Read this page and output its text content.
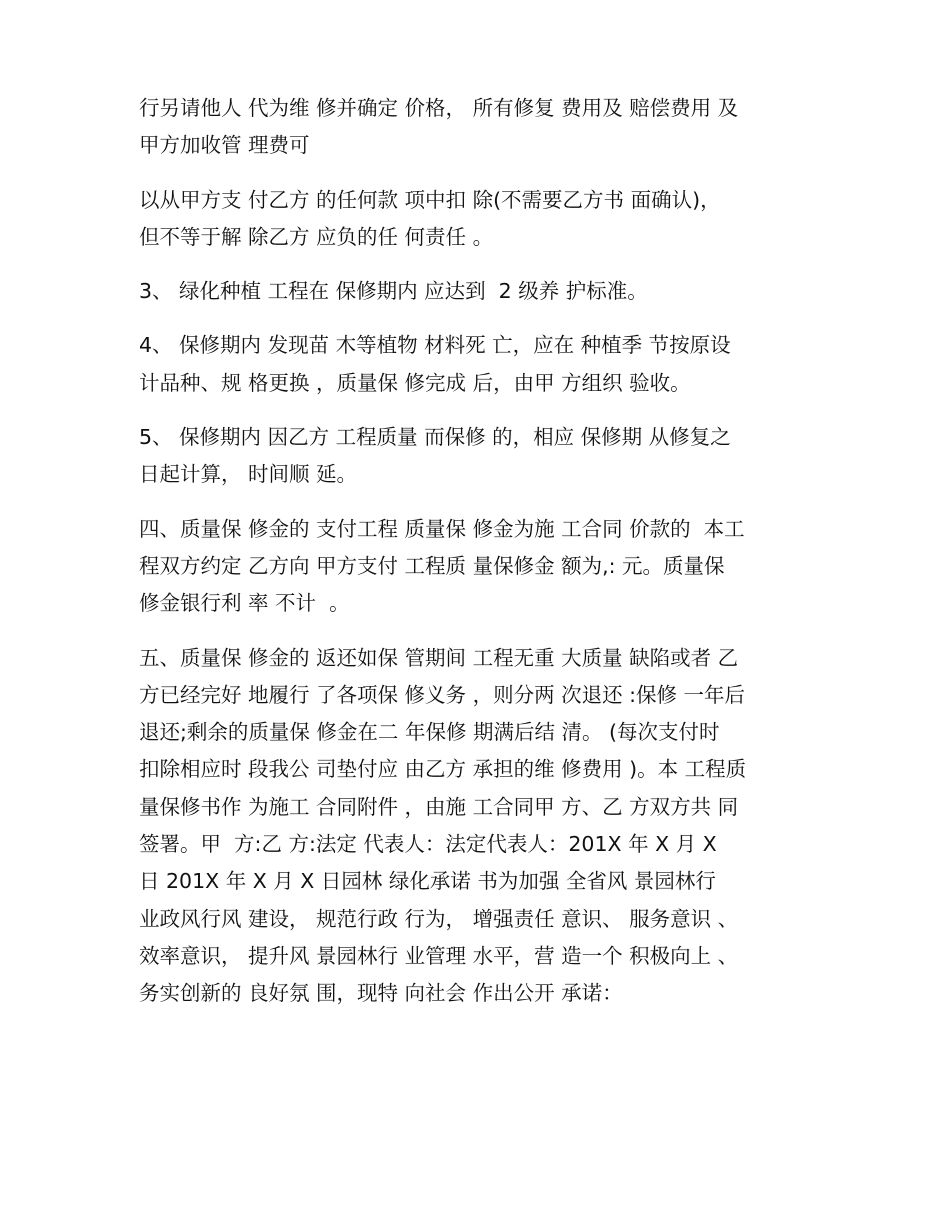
行另请他人 代为维 修并确定 价格， 所有修复 费用及 赔偿费用 及
甲方加收管 理费可

以从甲方支 付乙方 的任何款 项中扣 除(不需要乙方书 面确认)，
但不等于解 除乙方 应负的任 何责任 。

3、 绿化种植 工程在 保修期内 应达到  2 级养 护标准。

4、 保修期内 发现苗 木等植物 材料死 亡，应在 种植季 节按原设
计品种、规 格更换 ，质量保 修完成 后，由甲 方组织 验收。

5、 保修期内 因乙方 工程质量 而保修 的，相应 保修期 从修复之
日起计算， 时间顺 延。

四、质量保 修金的 支付工程 质量保 修金为施 工合同 价款的  本工
程双方约定 乙方向 甲方支付 工程质 量保修金 额为,: 元。质量保
修金银行利 率 不计  。

五、质量保 修金的 返还如保 管期间 工程无重 大质量 缺陷或者 乙
方已经完好 地履行 了各项保 修义务 ，则分两 次退还 :保修 一年后
退还;剩余的质量保 修金在二 年保修 期满后结 清。 (每次支付时
扣除相应时 段我公 司垫付应 由乙方 承担的维 修费用 )。本 工程质
量保修书作 为施工 合同附件 ，由施 工合同甲 方、乙 方双方共 同
签署。甲  方:乙 方:法定 代表人：法定代表人：201X 年 X 月 X
日 201X 年 X 月 X 日园林 绿化承诺 书为加强 全省风 景园林行
业政风行风 建设， 规范行政 行为， 增强责任 意识、 服务意识 、
效率意识， 提升风 景园林行 业管理 水平，营 造一个 积极向上 、
务实创新的 良好氛 围，现特 向社会 作出公开 承诺：
